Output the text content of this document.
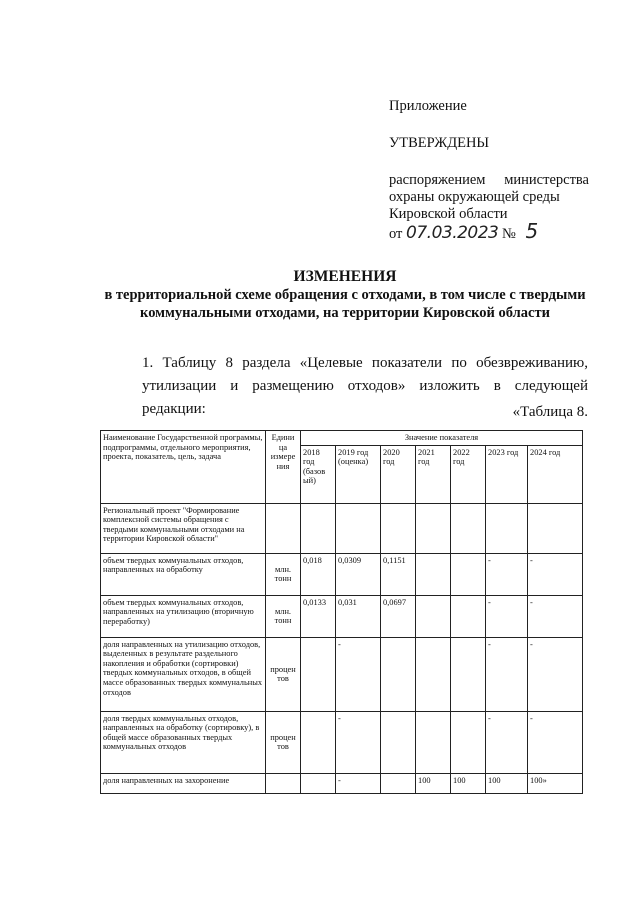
Приложение
УТВЕРЖДЕНЫ
распоряжением министерства
охраны окружающей среды
Кировской области
от 07.03.2023 № 5
ИЗМЕНЕНИЯ
в территориальной схеме обращения с отходами, в том числе с твердыми коммунальными отходами, на территории Кировской области
1. Таблицу 8 раздела «Целевые показатели по обезвреживанию, утилизации и размещению отходов» изложить в следующей редакции:	«Таблица 8.
Наименование Государственной программы, подпрограммы, отдельного мероприятия, проекта, показатель, цель, задача	Едини ца измере ния	Значение показателя						
		2018 год (базов ый)	2019 год (оценка)	2020 год	2021 год	2022 год	2023 год	2024 год
Региональный проект "Формирование комплексной системы обращения с твердыми коммунальными отходами на территории Кировской области"								
объем твердых коммунальных отходов, направленных на обработку	млн. тонн	0,018	0,0309	0,1151			-	-
объем твердых коммунальных отходов, направленных на утилизацию (вторичную переработку)	млн. тонн	0,0133	0,031	0,0697			-	-
доля направленных на утилизацию отходов, выделенных в результате раздельного накопления и обработки (сортировки) твердых коммунальных отходов, в общей массе образованных твердых коммунальных отходов	процен тов		-				-	-
доля твердых коммунальных отходов, направленных на обработку (сортировку), в общей массе образованных твердых коммунальных отходов	процен тов		-				-	-
доля направленных на захоронение			-		100	100	100	100»
